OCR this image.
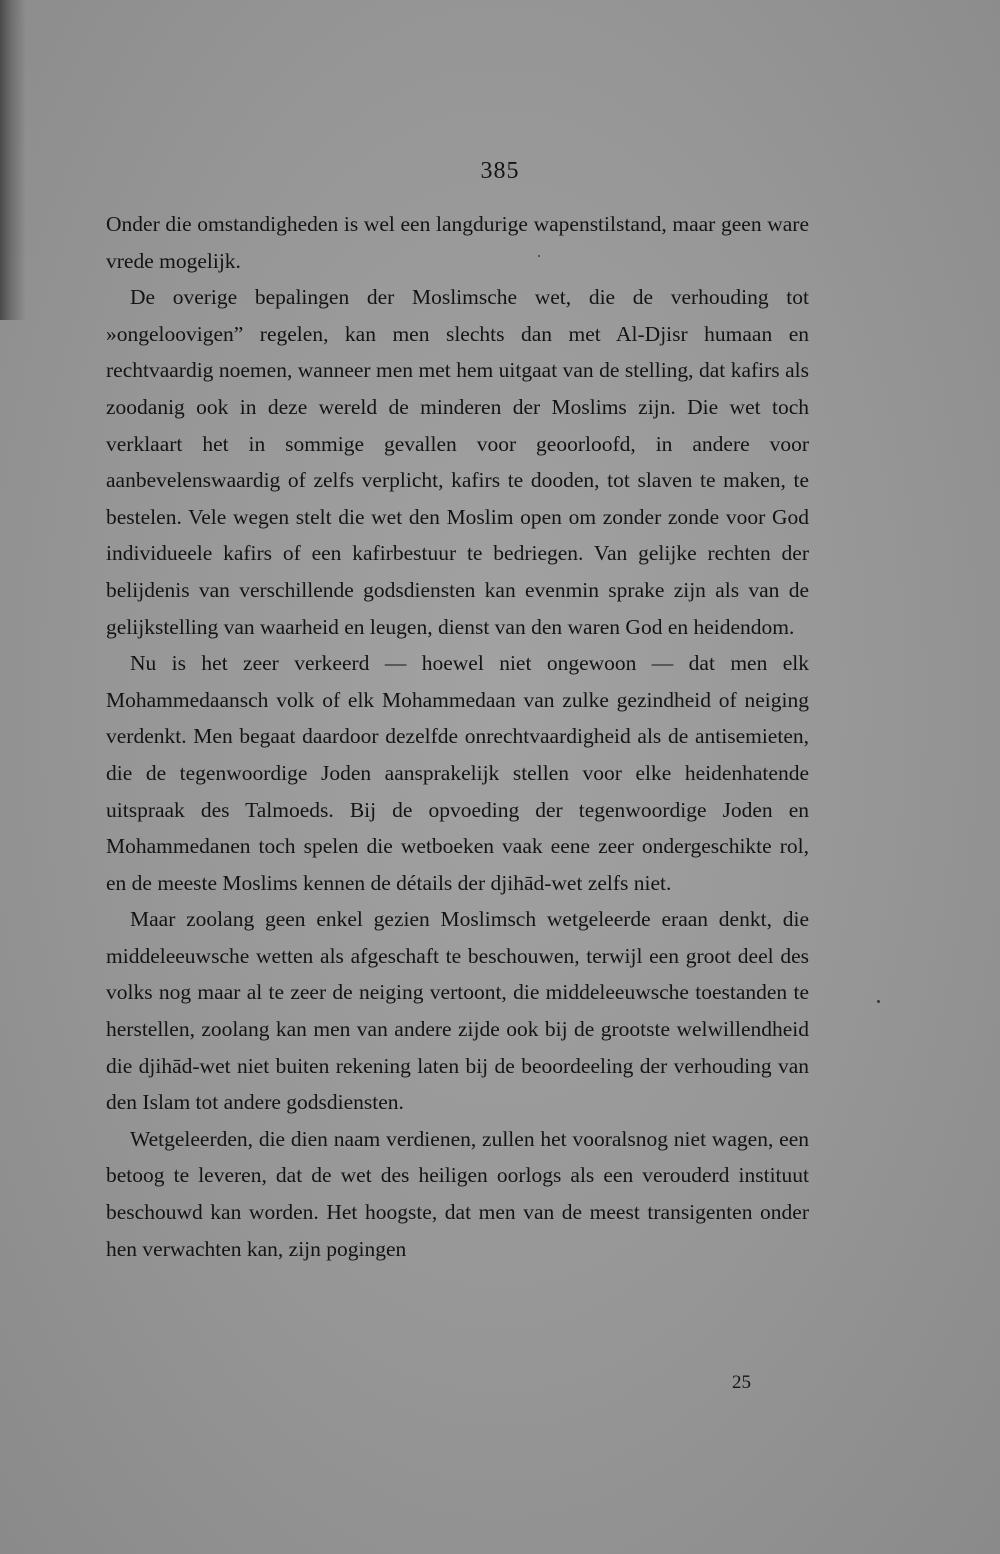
385

Onder die omstandigheden is wel een langdurige wapenstilstand, maar geen ware vrede mogelijk.

De overige bepalingen der Moslimsche wet, die de verhouding tot »ongeloovigen” regelen, kan men slechts dan met Al-Djisr humaan en rechtvaardig noemen, wanneer men met hem uitgaat van de stelling, dat kafirs als zoodanig ook in deze wereld de minderen der Moslims zijn. Die wet toch verklaart het in sommige gevallen voor geoorloofd, in andere voor aanbevelenswaardig of zelfs verplicht, kafirs te dooden, tot slaven te maken, te bestelen. Vele wegen stelt die wet den Moslim open om zonder zonde voor God individueele kafirs of een kafirbestuur te bedriegen. Van gelijke rechten der belijdenis van verschillende godsdiensten kan evenmin sprake zijn als van de gelijkstelling van waarheid en leugen, dienst van den waren God en heidendom.

Nu is het zeer verkeerd — hoewel niet ongewoon — dat men elk Mohammedaansch volk of elk Mohammedaan van zulke gezindheid of neiging verdenkt. Men begaat daardoor dezelfde onrechtvaardigheid als de antisemieten, die de tegenwoordige Joden aansprakelijk stellen voor elke heidenhatende uitspraak des Talmoeds. Bij de opvoeding der tegenwoordige Joden en Mohammedanen toch spelen die wetboeken vaak eene zeer ondergeschikte rol, en de meeste Moslims kennen de détails der djihād-wet zelfs niet.

Maar zoolang geen enkel gezien Moslimsch wetgeleerde eraan denkt, die middeleeuwsche wetten als afgeschaft te beschouwen, terwijl een groot deel des volks nog maar al te zeer de neiging vertoont, die middeleeuwsche toestanden te herstellen, zoolang kan men van andere zijde ook bij de grootste welwillendheid die djihād-wet niet buiten rekening laten bij de beoordeeling der verhouding van den Islam tot andere godsdiensten.

Wetgeleerden, die dien naam verdienen, zullen het vooralsnog niet wagen, een betoog te leveren, dat de wet des heiligen oorlogs als een verouderd instituut beschouwd kan worden. Het hoogste, dat men van de meest transigenten onder hen verwachten kan, zijn pogingen

25
